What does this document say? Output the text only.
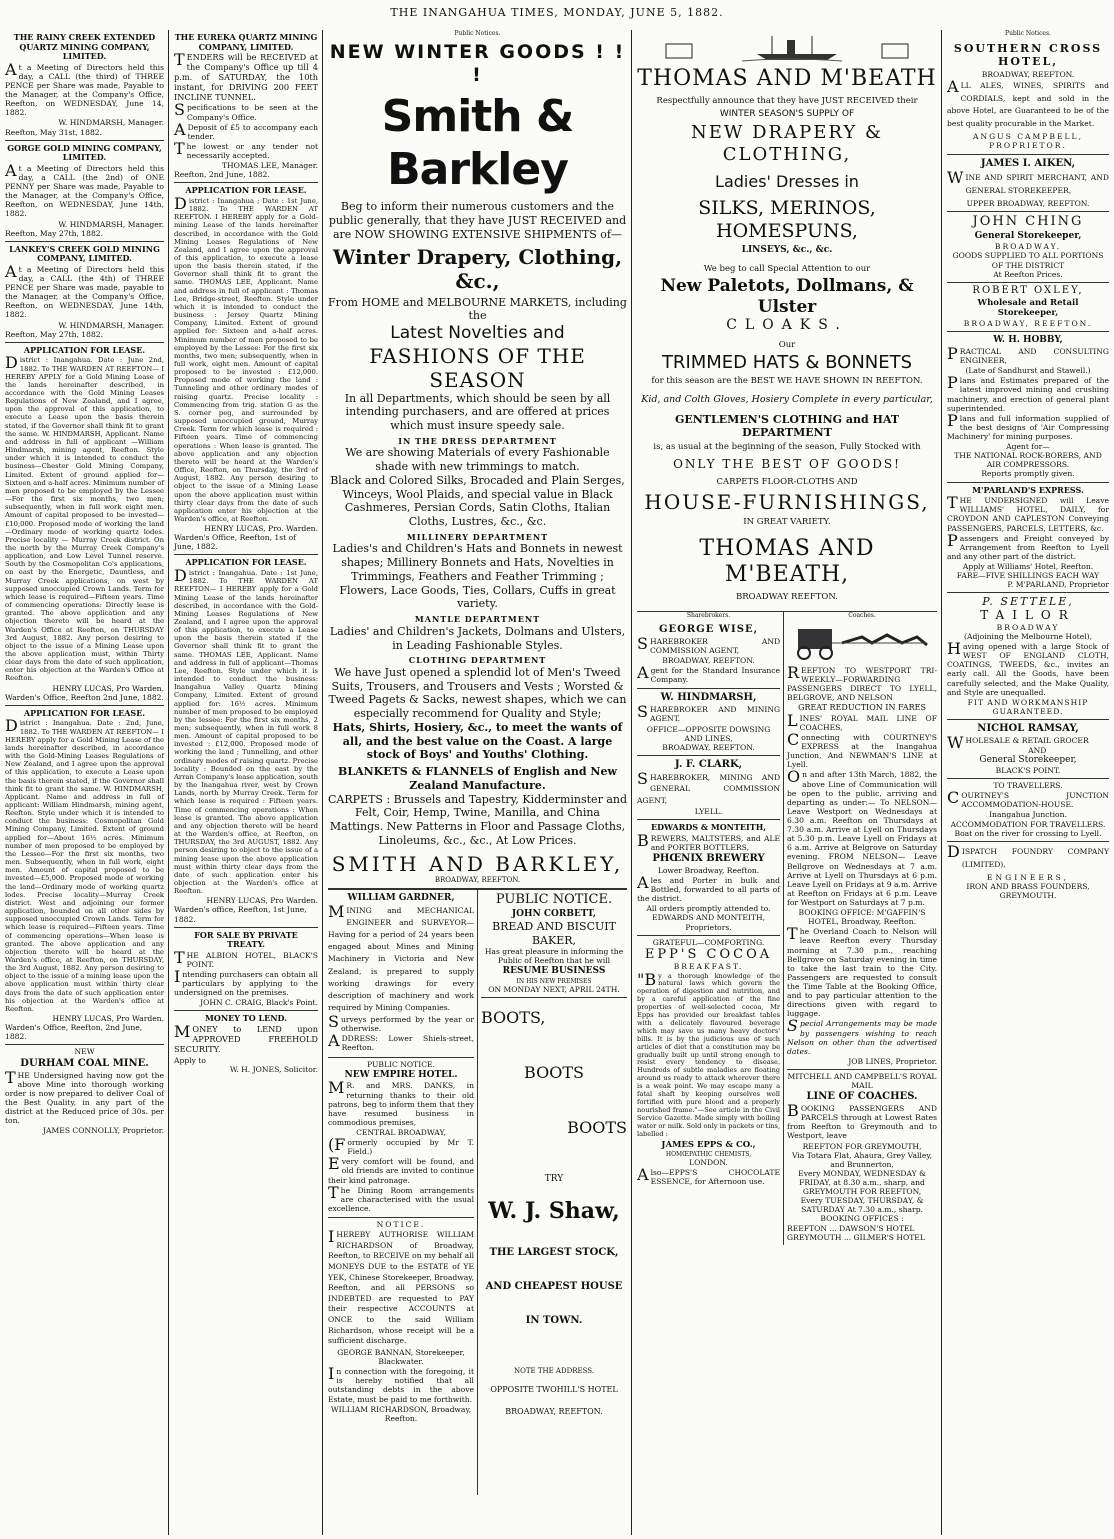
THE INANGAHUA TIMES, MONDAY, JUNE 5, 1882.
THE RAINY CREEK EXTENDED QUARTZ MINING COMPANY, LIMITED.
At a Meeting of Directors held this day, a CALL (the third) of THREE PENCE per Share was made, Payable to the Manager, at the Company's Office, Reefton, on WEDNESDAY, June 14, 1882.
W. HINDMARSH, Manager.
Reefton, May 31st, 1882.
GORGE GOLD MINING COMPANY, LIMITED.
At a Meeting of Directors held this day, a CALL (the 2nd) of ONE PENNY per Share was made, Payable to the Manager, at the Company's Office, Reefton, on WEDNESDAY, June 14th, 1882.
W. HINDMARSH, Manager.
Reefton, May 27th, 1882.
LANKEY'S CREEK GOLD MINING COMPANY, LIMITED.
At a Meeting of Directors held this day, a CALL (the 4th) of THREE PENCE per Share was made, payable to the Manager, at the Company's Office, Reefton, on WEDNESDAY, June 14th, 1882.
W. HINDMARSH, Manager.
Reefton, May 27th, 1882.
APPLICATION FOR LEASE.
District : Inangahua. Date : June 2nd, 1882. To THE WARDEN AT REEFTON— I HEREBY APPLY for a Gold Mining Lease of the lands hereinafter described, in accordance with the Gold Mining Leases Regulations of New Zealand, and I agree, upon the approval of this application, to execute a Lease upon the basis therein stated, if the Governor shall think fit to grant the same. W. HINDMARSH, Applicant. Name and address in full of applicant —William Hindmarsh, mining agent, Reefton. Style under which it is intended to conduct the business—Chester Gold Mining Company, Limited. Extent of ground applied for—Sixteen and a-half acres. Minimum number of men proposed to be employed by the Lessee—For the first six months, two men; subsequently, when in full work eight men. Amount of capital proposed to be invested—£10,000. Proposed mode of working the land—Ordinary mode of working quartz lodes. Precise locality — Murray Creek district. On the north by the Murray Creek Company's application, and Low Level Tunnel reserve. South by the Cosmopolitan Co's applications, on east by the Energetic, Dauntless, and Murray Creek applications, on west by supposed unoccupied Crown Lands. Term for which lease is required—Fifteen years. Time of commencing operations: Directly lease is granted. The above application and any objection thereto will be heard at the Warden's Office at Reefton, on THURSDAY 3rd August, 1882. Any person desiring to object to the issue of a Mining Lease upon the above application must, within Thirty clear days from the date of such application, enter his objection at the Warden's Office at Reefton.
HENRY LUCAS, Pro Warden.
Warden's Office, Reefton 2nd June, 1882.
APPLICATION FOR LEASE.
District : Inangahua. Date : 2nd, June, 1882. To THE WARDEN AT REEFTON— I HEREBY apply for a Gold Mining Lease of the lands hereinafter described, in accordance with the Gold-Mining Leases Regulations of New Zealand, and I agree upon the approval of this application, to execute a Lease upon the basis therein stated, if the Governor shall think fit to grant the same. W. HINDMARSH, Applicant. Name and address in full of applicant: William Hindmarsh, mining agent, Reefton. Style under which it is intended to conduct the business: Cosmopolitan Gold Mining Company, Limited. Extent of ground applied for—About 16½ acres. Minimum number of men proposed to be employed by the Lessee—For the first six months, two men. Subsequently, when in full work, eight men. Amount of capital proposed to be invested—£5,000. Proposed mode of working the land—Ordinary mode of working quartz lodes. Precise locality—Murray Creek district. West and adjoining our former application, bounded on all other sides by supposed unoccupied Crown Lands. Term for which lease is required—Fifteen years. Time of commencing operations—When lease is granted. The above application and any objection thereto will be heard at the Warden's office, at Reefton, on THURSDAY, the 3rd August, 1882. Any person desiring to object to the issue of a mining lease upon the above application must within thirty clear days from the date of such application enter his objection at the Warden's office at Reefton.
HENRY LUCAS, Pro Warden.
Warden's Office, Reefton, 2nd June, 1882.
NEW
DURHAM COAL MINE.
THE Undersigned having now got the above Mine into thorough working order is now prepared to deliver Coal of the Best Quality, in any part of the district at the Reduced price of 30s. per ton.
JAMES CONNOLLY, Proprietor.
THE EUREKA QUARTZ MINING COMPANY, LIMITED.
TENDERS will be RECEIVED at the Company's Office up till 4 p.m. of SATURDAY, the 10th instant, for DRIVING 200 FEET INCLINE TUNNEL.
Specifications to be seen at the Company's Office.
ADeposit of £5 to accompany each tender.
The lowest or any tender not necessarily accepted.
THOMAS LEE, Manager.
Reefton, 2nd June, 1882.
APPLICATION FOR LEASE.
District : Inangahua ; Date : 1st June, 1882. To THE WARDEN AT REEFTON. I HEREBY apply for a Gold-mining Lease of the lands hereinafter described, in accordance with the Gold Mining Leases Regulations of New Zealand, and I agree upon the approval of this application, to execute a lease upon the basis therein stated, if the Governor shall think fit to grant the same. THOMAS LEE, Applicant. Name and address in full of applicant : Thomas Lee, Bridge-street, Reefton. Style under which it is intended to conduct the business : Jersey Quartz Mining Company, Limited. Extent of ground applied for: Sixteen and a-half acres. Minimum number of men proposed to be employed by the Lessee: For the first six months, two men; subsequently, when in full work, eight men. Amount of capital proposed to be invested : £12,000. Proposed mode of working the land : Tunneling and other ordinary modes of raising quartz. Precise locality : Commencing from trig. station G as the S. corner peg, and surrounded by supposed unoccupied ground, Murray Creek. Term for which lease is required : Fifteen years. Time of commencing operations : When lease is granted. The above application and any objection thereto will be heard at the Warden's Office, Reefton, on Thursday, the 3rd of August, 1882. Any person desiring to object to the issue of a Mining Lease upon the above application must within thirty clear days from the date of such application enter his objection at the Warden's office, at Reefton.
HENRY LUCAS, Pro. Warden.
Warden's Office, Reefton, 1st of June, 1882.
APPLICATION FOR LEASE.
District : Inangahua. Date : 1st June, 1882. To THE WARDEN AT REEFTON— I HEREBY apply for a Gold Mining Lease of the lands hereinafter described, in accordance with the Gold-Mining Leases Regulations of New Zealand, and I agree upon the approval of this application, to execute a Lease upon the basis therein stated if the Governor shall think fit to grant the same. THOMAS LEE, Applicant. Name and address in full of applicant—Thomas Lee, Reefton. Style under which it is intended to conduct the business: Inangahua Valley Quartz Mining Company, Limited. Extent of ground applied for: 16½ acres. Minimum number of men proposed to be employed by the lessee: For the first six months, 2 men; subsequently, when in full work 8 men. Amount of capital proposed to be invested : £12,000. Proposed mode of working the land ; Tunnelling, and other ordinary modes of raising quartz. Precise locality : Bounded on the east by the Arran Company's lease application, south by the Inangahua river, west by Crown Lands, north by Murray Creek. Term for which lease is required : Fifteen years. Time of commencing operations : When lease is granted. The above application and any objection thereto will be heard at the Warden's office, at Reefton, on THURSDAY, the 3rd AUGUST, 1882. Any person desiring to object to the issue of a mining lease upon the above application must within thirty clear days from the date of such application enter his objection at the Warden's office at Reefton.
HENRY LUCAS, Pro Warden.
Warden's office, Reefton, 1st June, 1882.
FOR SALE BY PRIVATE TREATY.
THE ALBION HOTEL, BLACK'S POINT.
Intending purchasers can obtain all particulars by applying to the undersigned on the premises.
JOHN C. CRAIG, Black's Point.
MONEY TO LEND.
MONEY to LEND upon APPROVED FREEHOLD SECURITY.
Apply to
W. H. JONES, Solicitor.
Public Notices.
NEW WINTER GOODS ! ! !
Smith & Barkley
Beg to inform their numerous customers and the public generally, that they have JUST RECEIVED and are NOW SHOWING EXTENSIVE SHIPMENTS of—
Winter Drapery, Clothing, &c.,
From HOME and MELBOURNE MARKETS, including the
Latest Novelties and
FASHIONS OF THE SEASON
In all Departments, which should be seen by all intending purchasers, and are offered at prices which must insure speedy sale.
IN THE DRESS DEPARTMENT
We are showing Materials of every Fashionable shade with new trimmings to match.
Black and Colored Silks, Brocaded and Plain Serges, Winceys, Wool Plaids, and special value in Black Cashmeres, Persian Cords, Satin Cloths, Italian Cloths, Lustres, &c., &c.
MILLINERY DEPARTMENT
Ladies's and Children's Hats and Bonnets in newest shapes; Millinery Bonnets and Hats, Novelties in Trimmings, Feathers and Feather Trimming ; Flowers, Lace Goods, Ties, Collars, Cuffs in great variety.
MANTLE DEPARTMENT
Ladies' and Children's Jackets, Dolmans and Ulsters, in Leading Fashionable Styles.
CLOTHING DEPARTMENT
We have Just opened a splendid lot of Men's Tweed Suits, Trousers, and Trousers and Vests ; Worsted & Tweed Pagets & Sacks, newest shapes, which we can especially recommend for Quality and Style;
Hats, Shirts, Hosiery, &c., to meet the wants of all, and the best value on the Coast. A large stock of Boys' and Youths' Clothing.
BLANKETS & FLANNELS of English and New Zealand Manufacture.
CARPETS : Brussels and Tapestry, Kidderminster and Felt, Coir, Hemp, Twine, Manilla, and China Mattings. New Patterns in Floor and Passage Cloths, Linoleums, &c., &c., At Low Prices.
SMITH AND BARKLEY,
BROADWAY, REEFTON.
WILLIAM GARDNER,
MINING and MECHANICAL ENGINEER and SURVEYOR—Having for a period of 24 years been engaged about Mines and Mining Machinery in Victoria and New Zealand, is prepared to supply working drawings for every description of machinery and work required by Mining Companies.
Surveys performed by the year or otherwise.
ADDRESS: Lower Shiels-street, Reefton.
PUBLIC NOTICE.
NEW EMPIRE HOTEL.
MR. and MRS. DANKS, in returning thanks to their old patrons, beg to inform them that they have resumed business in commodious premises,
CENTRAL BROADWAY,
(Formerly occupied by Mr T. Field.)
Every comfort will be found, and old friends are invited to continue their kind patronage.
The Dining Room arrangements are characterised with the usual excellence.
NOTICE.
IHEREBY AUTHORISE WILLIAM RICHARDSON of Broadway, Reefton, to RECEIVE on my behalf all MONEYS DUE to the ESTATE of YE YEK, Chinese Storekeeper, Broadway, Reefton, and all PERSONS so INDEBTED are requested to PAY their respective ACCOUNTS at ONCE to the said William Richardson, whose receipt will be a sufficient discharge.
GEORGE BANNAN, Storekeeper, Blackwater.
In connection with the foregoing, it is hereby notified that all outstanding debts in the above Estate, must be paid to me forthwith.
WILLIAM RICHARDSON, Broadway, Reefton.
PUBLIC NOTICE.
JOHN CORBETT,
BREAD AND BISCUIT BAKER,
Has great pleasure in informing the Public of Reefton that he will
RESUME BUSINESS
IN HIS NEW PREMISES
ON MONDAY NEXT, APRIL 24TH.
BOOTS,
BOOTS
BOOTS
TRY
W. J. Shaw,
THE LARGEST STOCK,
AND CHEAPEST HOUSE
IN TOWN.
NOTE THE ADDRESS.
OPPOSITE TWOHILL'S HOTEL
BROADWAY, REEFTON.
THOMAS AND M'BEATH
Respectfully announce that they have JUST RECEIVED their
WINTER SEASON'S SUPPLY OF
NEW DRAPERY & CLOTHING,
Ladies' Dresses in
SILKS, MERINOS, HOMESPUNS,
LINSEYS, &c., &c.
We beg to call Special Attention to our
New Paletots, Dollmans, & Ulster
CLOAKS.
Our
TRIMMED HATS & BONNETS
for this season are the BEST WE HAVE SHOWN IN REEFTON.
Kid, and Colth Gloves, Hosiery Complete in every particular,
GENTLEMEN'S CLOTHING and HAT DEPARTMENT
is, as usual at the beginning of the season, Fully Stocked with
ONLY THE BEST OF GOODS!
CARPETS FLOOR-CLOTHS AND
HOUSE-FURNISHINGS,
IN GREAT VARIETY.
THOMAS AND M'BEATH,
BROADWAY REEFTON.
Sharebrokers.
GEORGE WISE,
SHAREBROKER AND COMMISSION AGENT,
BROADWAY, REEFTON.
Agent for the Standard Insurance Company.
W. HINDMARSH,
SHAREBROKER AND MINING AGENT.
OFFICE—OPPOSITE DOWSING AND LINES,
BROADWAY, REEFTON.
J. F. CLARK,
SHAREBROKER, MINING AND GENERAL COMMISSION AGENT,
LYELL.
EDWARDS & MONTEITH,
BREWERS, MALTSTERS, and ALE and PORTER BOTTLERS,
PHŒNIX BREWERY
Lower Broadway, Reefton.
Ales and Porter in bulk and Bottled, forwarded to all parts of the district.
All orders promptly attended to.
EDWARDS AND MONTEITH, Proprietors.
GRATEFUL—COMFORTING.
EPP'S COCOA
BREAKFAST.
"By a thorough knowledge of the natural laws which govern the operation of digestion and nutrition, and by a careful application of the fine properties of well-selected cocoa, Mr Epps has provided our breakfast tables with a delicately flavoured beverage which may save us many heavy doctors' bills. It is by the judicious use of such articles of diet that a constitution may be gradually built up until strong enough to resist every tendency to disease. Hundreds of subtle maladies are floating around us ready to attack wherever there is a weak point. We may escape many a fatal shaft by keeping ourselves well fortified with pure blood and a properly nourished frame."—See article in the Civil Service Gazette. Made simply with boiling water or milk. Sold only in packets or tins, labelled :
JAMES EPPS & CO.,
HOMŒPATHIC CHEMISTS,
LONDON.
Also—EPPS'S CHOCOLATE ESSENCE, for Afternoon use.
Coaches.
REEFTON TO WESTPORT TRI-WEEKLY—FORWARDING PASSENGERS DIRECT TO LYELL, BELGROVE, AND NELSON
GREAT REDUCTION IN FARES
LINES' ROYAL MAIL LINE OF COACHES,
Connecting with COURTNEY'S EXPRESS at the Inangahua Junction, And NEWMAN'S LINE at Lyell.
On and after 13th March, 1882, the above Line of Communication will be open to the public, arriving and departing as under:— To NELSON— Leave Westport on Wednesdays at 6.30 a.m. Reefton on Thursdays at 7.30 a.m. Arrive at Lyell on Thursdays at 5.30 p.m. Leave Lyell on Fridays at 6 a.m. Arrive at Belgrove on Saturday evening. FROM NELSON— Leave Bellgrove on Wednesdays at 7 a.m. Arrive at Lyell on Thursdays at 6 p.m. Leave Lyell on Fridays at 9 a.m. Arrive at Reefton on Fridays at 6 p.m. Leave for Westport on Saturdays at 7 p.m.
BOOKING OFFICE: M'GAFFIN'S HOTEL, Broadway, Reefton.
The Overland Coach to Nelson will leave Reefton every Thursday morning at 7.30 p.m., reaching Bellgrove on Saturday evening in time to take the last train to the City. Passengers are requested to consult the Time Table at the Booking Office, and to pay particular attention to the directions given with regard to luggage.
Special Arrangements may be made by passengers wishing to reach Nelson on other than the advertised dates.
JOB LINES, Proprietor.
MITCHELL AND CAMPBELL'S ROYAL MAIL
LINE OF COACHES.
BOOKING PASSENGERS AND PARCELS through at Lowest Rates from Reefton to Greymouth and to Westport, leave
REEFTON FOR GREYMOUTH,
Via Totara Flat, Ahaura, Grey Valley, and Brunnerton,
Every MONDAY, WEDNESDAY & FRIDAY, at 8.30 a.m., sharp, and
GREYMOUTH FOR REEFTON,
Every TUESDAY, THURSDAY, & SATURDAY At 7.30 a.m., sharp.
BOOKING OFFICES :
REEFTON ... DAWSON'S HOTEL
GREYMOUTH ... GILMER'S HOTEL
Public Notices.
SOUTHERN CROSS HOTEL,
BROADWAY, REEFTON.
ALL ALES, WINES, SPIRITS and CORDIALS, kept and sold in the above Hotel, are Guaranteed to be of the best quality procurable in the Market.
ANGUS CAMPBELL, PROPRIETOR.
JAMES I. AIKEN,
WINE AND SPIRIT MERCHANT, AND GENERAL STOREKEEPER,
UPPER BROADWAY, REEFTON.
JOHN CHING
General Storekeeper,
BROADWAY.
GOODS SUPPLIED TO ALL PORTIONS OF THE DISTRICT
At Reefton Prices.
ROBERT OXLEY,
Wholesale and Retail Storekeeper,
BROADWAY, REEFTON.
W. H. HOBBY,
PRACTICAL AND CONSULTING ENGINEER,
(Late of Sandhurst and Stawell.)
Plans and Estimates prepared of the latest improved mining and crushing machinery, and erection of general plant superintended.
Plans and full information supplied of the best designs of 'Air Compressing Machinery' for mining purposes.
Agent for—
THE NATIONAL ROCK-BORERS, AND AIR COMPRESSORS.
Reports promptly given.
M'PARLAND'S EXPRESS.
THE UNDERSIGNED will Leave WILLIAMS' HOTEL, DAILY, for CROYDON AND CAPLESTON Conveying PASSENGERS, PARCELS, LETTERS, &c.
Passengers and Freight conveyed by Arrangement from Reefton to Lyell and any other part of the district.
Apply at Williams' Hotel, Reefton.
FARE—FIVE SHILLINGS EACH WAY
P. M'PARLAND, Proprietor
P. SETTELE,
TAILOR
BROADWAY
(Adjoining the Melbourne Hotel),
Having opened with a large Stock of WEST OF ENGLAND CLOTH, COATINGS, TWEEDS, &c., invites an early call. All the Goods, have been carefully selected, and the Make Quality, and Style are unequalled.
FIT AND WORKMANSHIP GUARANTEED.
NICHOL RAMSAY,
WHOLESALE & RETAIL GROCER
AND
General Storekeeper,
BLACK'S POINT.
TO TRAVELLERS.
COURTNEY'S JUNCTION ACCOMMODATION-HOUSE.
Inangahua Junction.
ACCOMMODATION FOR TRAVELLERS.
Boat on the river for crossing to Lyell.
DISPATCH FOUNDRY COMPANY (LIMITED),
ENGINEERS,
IRON AND BRASS FOUNDERS,
GREYMOUTH.
